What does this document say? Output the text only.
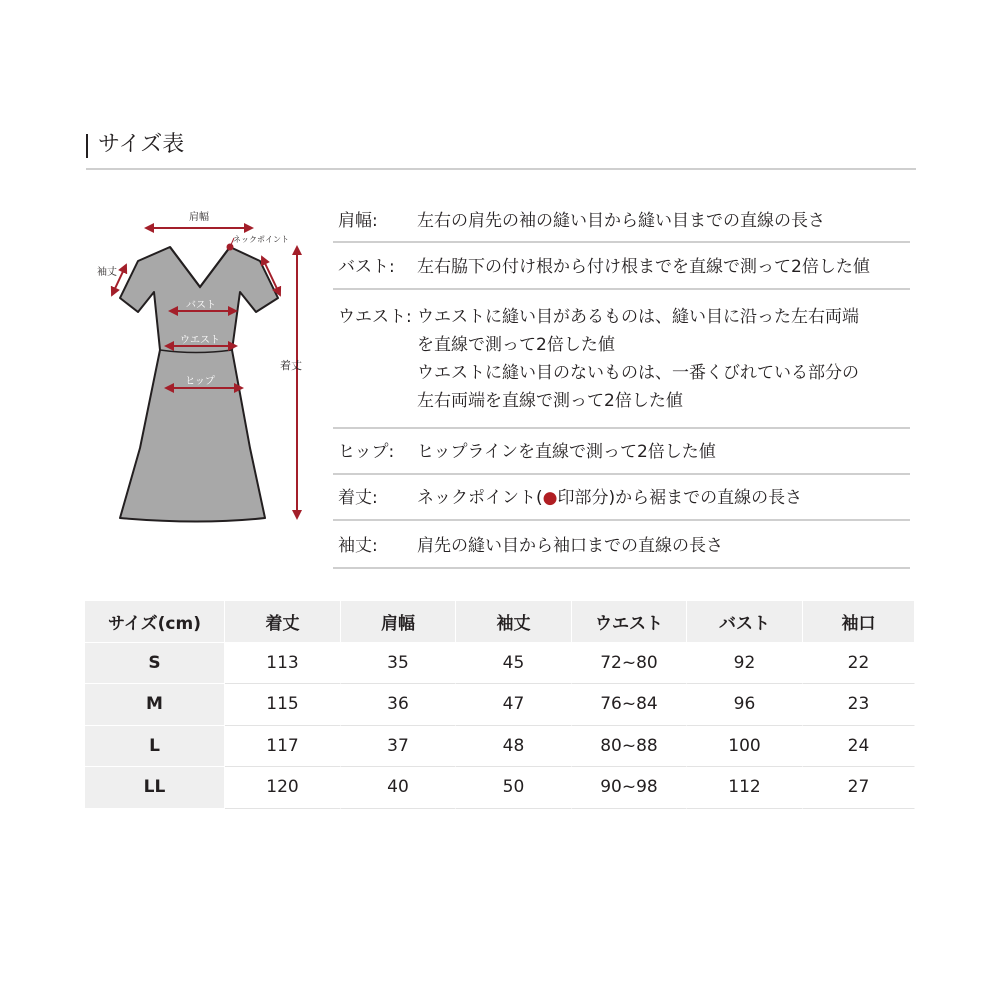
サイズ表
肩幅
ネックポイント
袖丈
着丈
バスト
ウエスト
ヒップ
肩幅: 左右の肩先の袖の縫い目から縫い目までの直線の長さ
バスト: 左右脇下の付け根から付け根までを直線で測って2倍した値
ウエスト: ウエストに縫い目があるものは、縫い目に沿った左右両端
を直線で測って2倍した値
ウエストに縫い目のないものは、一番くびれている部分の
左右両端を直線で測って2倍した値
ヒップ: ヒップラインを直線で測って2倍した値
着丈: ネックポイント(●印部分)から裾までの直線の長さ
袖丈: 肩先の縫い目から袖口までの直線の長さ
サイズ(cm)	着丈	肩幅	袖丈	ウエスト	バスト	袖口
S	113	35	45	72~80	92	22
M	115	36	47	76~84	96	23
L	117	37	48	80~88	100	24
LL	120	40	50	90~98	112	27
